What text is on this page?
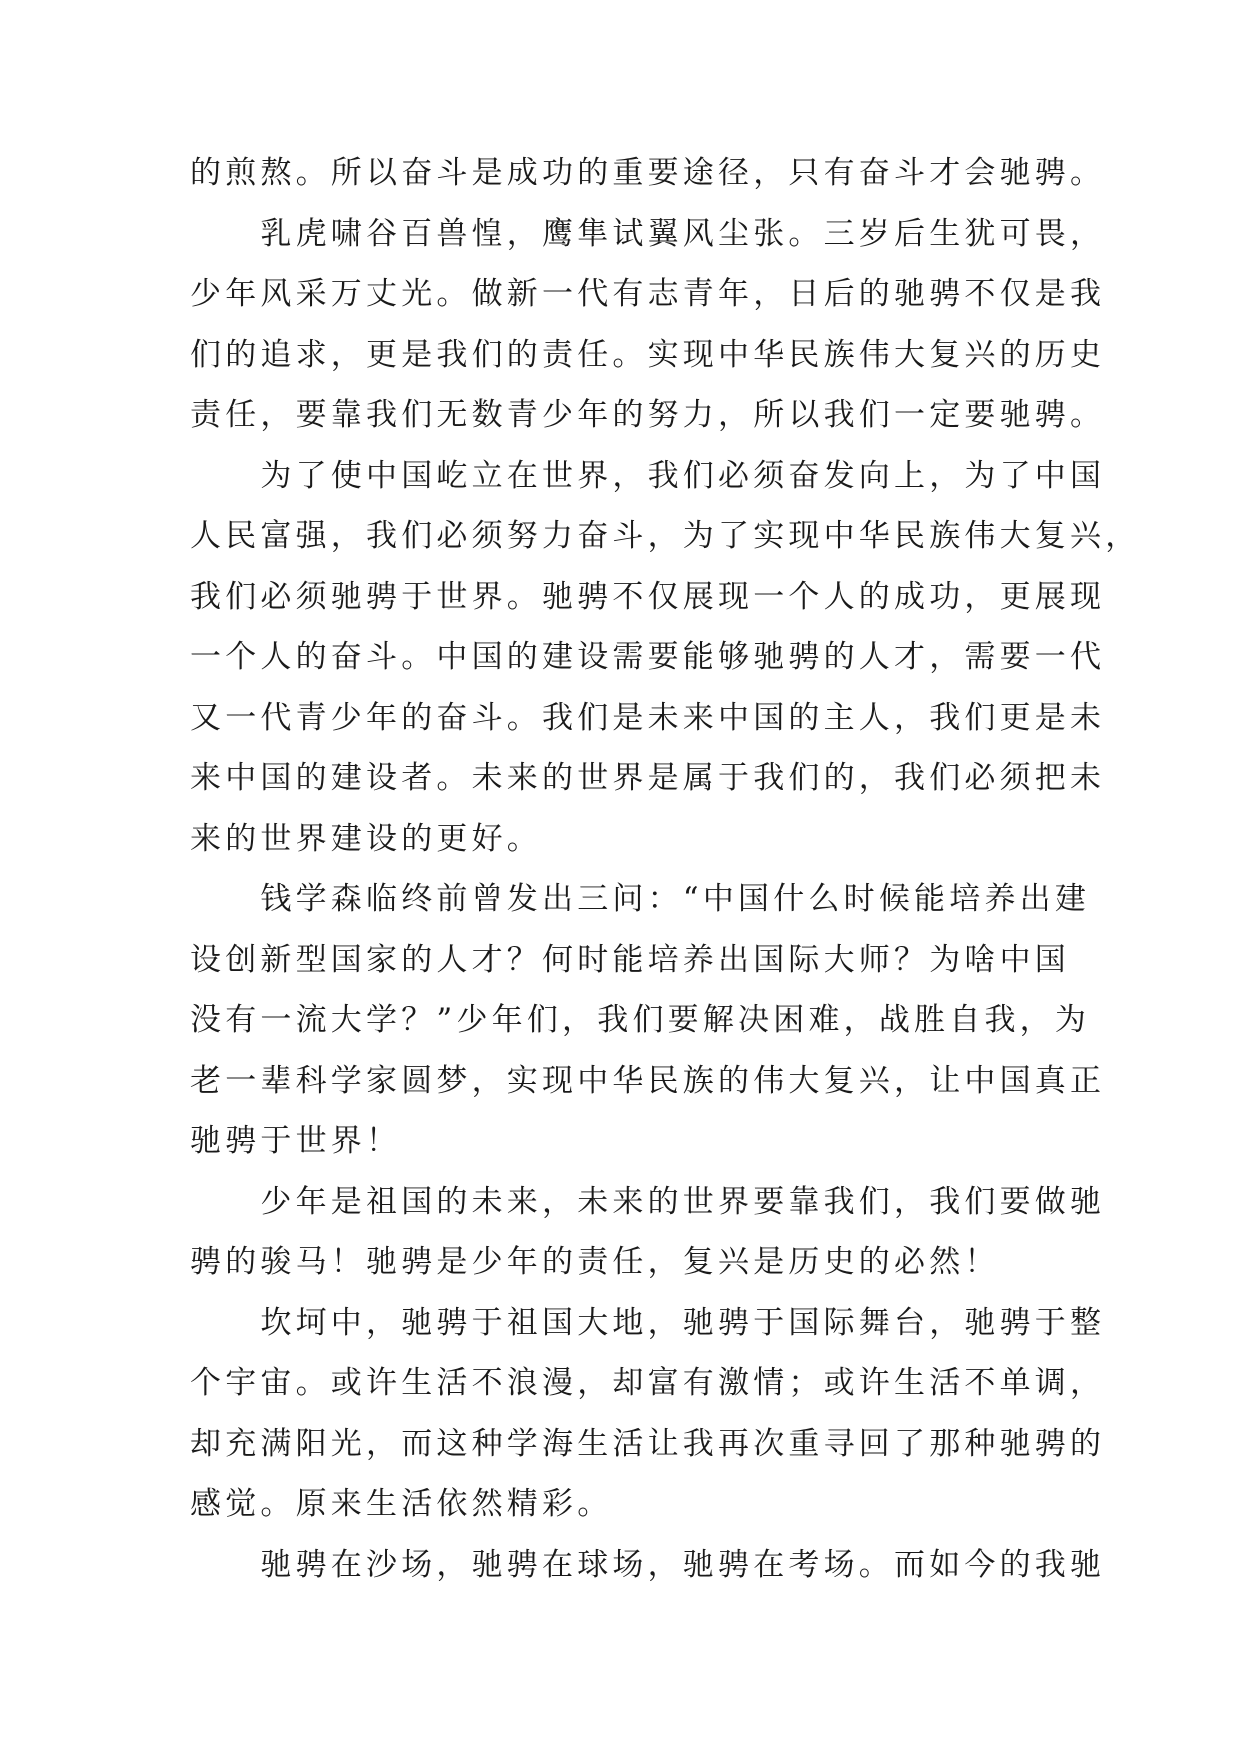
的煎熬。所以奋斗是成功的重要途径，只有奋斗才会驰骋。
　　乳虎啸谷百兽惶，鹰隼试翼风尘张。三岁后生犹可畏，
少年风采万丈光。做新一代有志青年，日后的驰骋不仅是我
们的追求，更是我们的责任。实现中华民族伟大复兴的历史
责任，要靠我们无数青少年的努力，所以我们一定要驰骋。
　　为了使中国屹立在世界，我们必须奋发向上，为了中国
人民富强，我们必须努力奋斗，为了实现中华民族伟大复兴，
我们必须驰骋于世界。驰骋不仅展现一个人的成功，更展现
一个人的奋斗。中国的建设需要能够驰骋的人才，需要一代
又一代青少年的奋斗。我们是未来中国的主人，我们更是未
来中国的建设者。未来的世界是属于我们的，我们必须把未
来的世界建设的更好。
　　钱学森临终前曾发出三问：“中国什么时候能培养出建
设创新型国家的人才？何时能培养出国际大师？为啥中国
没有一流大学？”少年们，我们要解决困难，战胜自我，为
老一辈科学家圆梦，实现中华民族的伟大复兴，让中国真正
驰骋于世界！
　　少年是祖国的未来，未来的世界要靠我们，我们要做驰
骋的骏马！驰骋是少年的责任，复兴是历史的必然！
　　坎坷中，驰骋于祖国大地，驰骋于国际舞台，驰骋于整
个宇宙。或许生活不浪漫，却富有激情；或许生活不单调，
却充满阳光，而这种学海生活让我再次重寻回了那种驰骋的
感觉。原来生活依然精彩。
　　驰骋在沙场，驰骋在球场，驰骋在考场。而如今的我驰
